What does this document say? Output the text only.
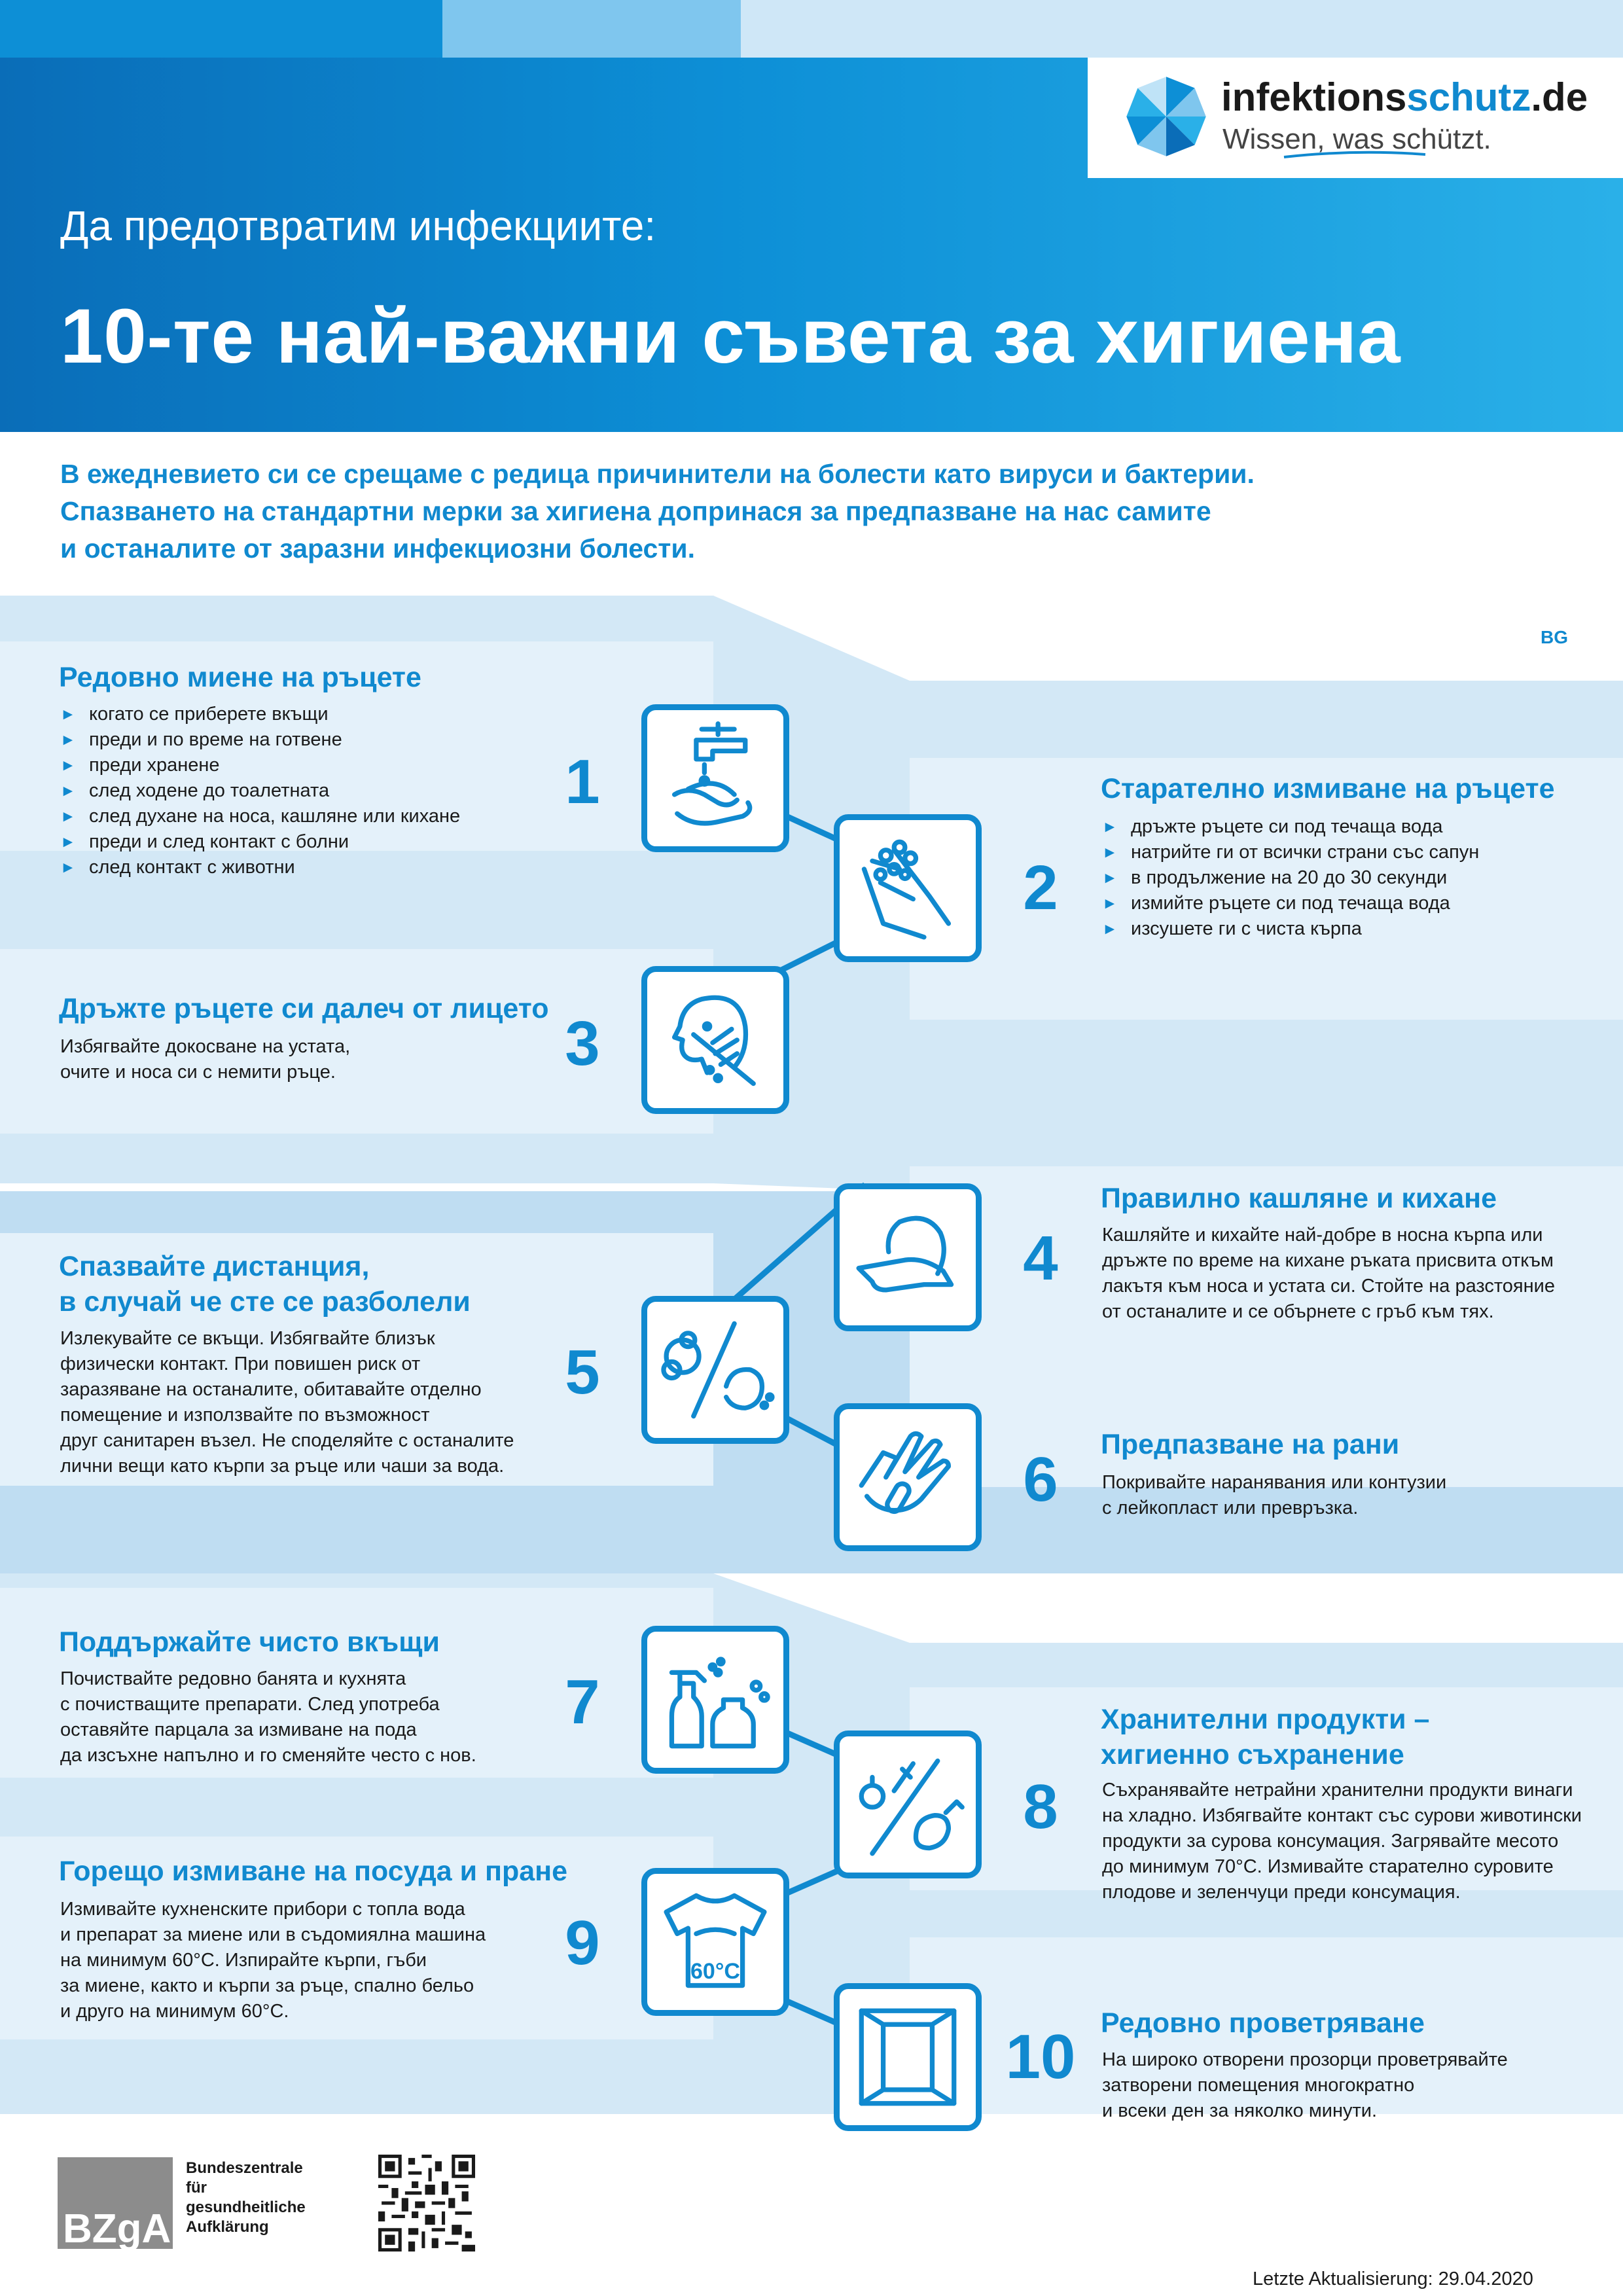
Да предотвратим инфекциите:
10-те най-важни съвета за хигиена
infektionsschutz.de
Wissen, was schützt.
В ежедневието си се срещаме с редица причинители на болести като вируси и бактерии.
Спазването на стандартни мерки за хигиена допринася за предпазване на нас самите
и останалите от заразни инфекциозни болести.
BG
Редовно миене на ръцете
► когато се приберете вкъщи
► преди и по време на готвене
► преди хранене
► след ходене до тоалетната
► след духане на носа, кашляне или кихане
► преди и след контакт с болни
► след контакт с животни
1	Старателно измиване на ръцете
► дръжте ръцете си под течаща вода
► натрийте ги от всички страни със сапун
► в продължение на 20 до 30 секунди
► измийте ръцете си под течаща вода
► изсушете ги с чиста кърпа
2
Дръжте ръцете си далеч от лицето
Избягвайте докосване на устата,
очите и носа си с немити ръце.	3
Правилно кашляне и кихане
Кашляйте и кихайте най-добре в носна кърпа или
дръжте по време на кихане ръката присвита откъм
лакътя към носа и устата си. Стойте на разстояние
от останалите и се обърнете с гръб към тях.
4
Спазвайте дистанция,
в случай че сте се разболели
Излекувайте се вкъщи. Избягвайте близък
физически контакт. При повишен риск от
заразяване на останалите, обитавайте отделно
помещение и използвайте по възможност
друг санитарен възел. Не споделяйте с останалите
лични вещи като кърпи за ръце или чаши за вода.
5
Предпазване на рани
Покривайте наранявания или контузии
с лейкопласт или превръзка.
6
Поддържайте чисто вкъщи
Почиствайте редовно банята и кухнята
с почистващите препарати. След употреба
оставяйте парцала за измиване на пода
да изсъхне напълно и го сменяйте често с нов.
7	Хранителни продукти –
хигиенно съхранение
Съхранявайте нетрайни хранителни продукти винаги
на хладно. Избягвайте контакт със сурови животински
продукти за сурова консумация. Загрявайте месото
до минимум 70°C. Измивайте старателно суровите
плодове и зеленчуци преди консумация.
8
Горещо измиване на посуда и пране
Измивайте кухненските прибори с топла вода
и препарат за миене или в съдомиялна машина
на минимум 60°C. Изпирайте кърпи, гъби
за миене, както и кърпи за ръце, спално бельо
и друго на минимум 60°C.
9	60°C
Редовно проветряване
На широко отворени прозорци проветрявайте
затворени помещения многократно
и всеки ден за няколко минути.
10
BZgA
Bundeszentrale
für
gesundheitliche
Aufklärung
Letzte Aktualisierung: 29.04.2020
